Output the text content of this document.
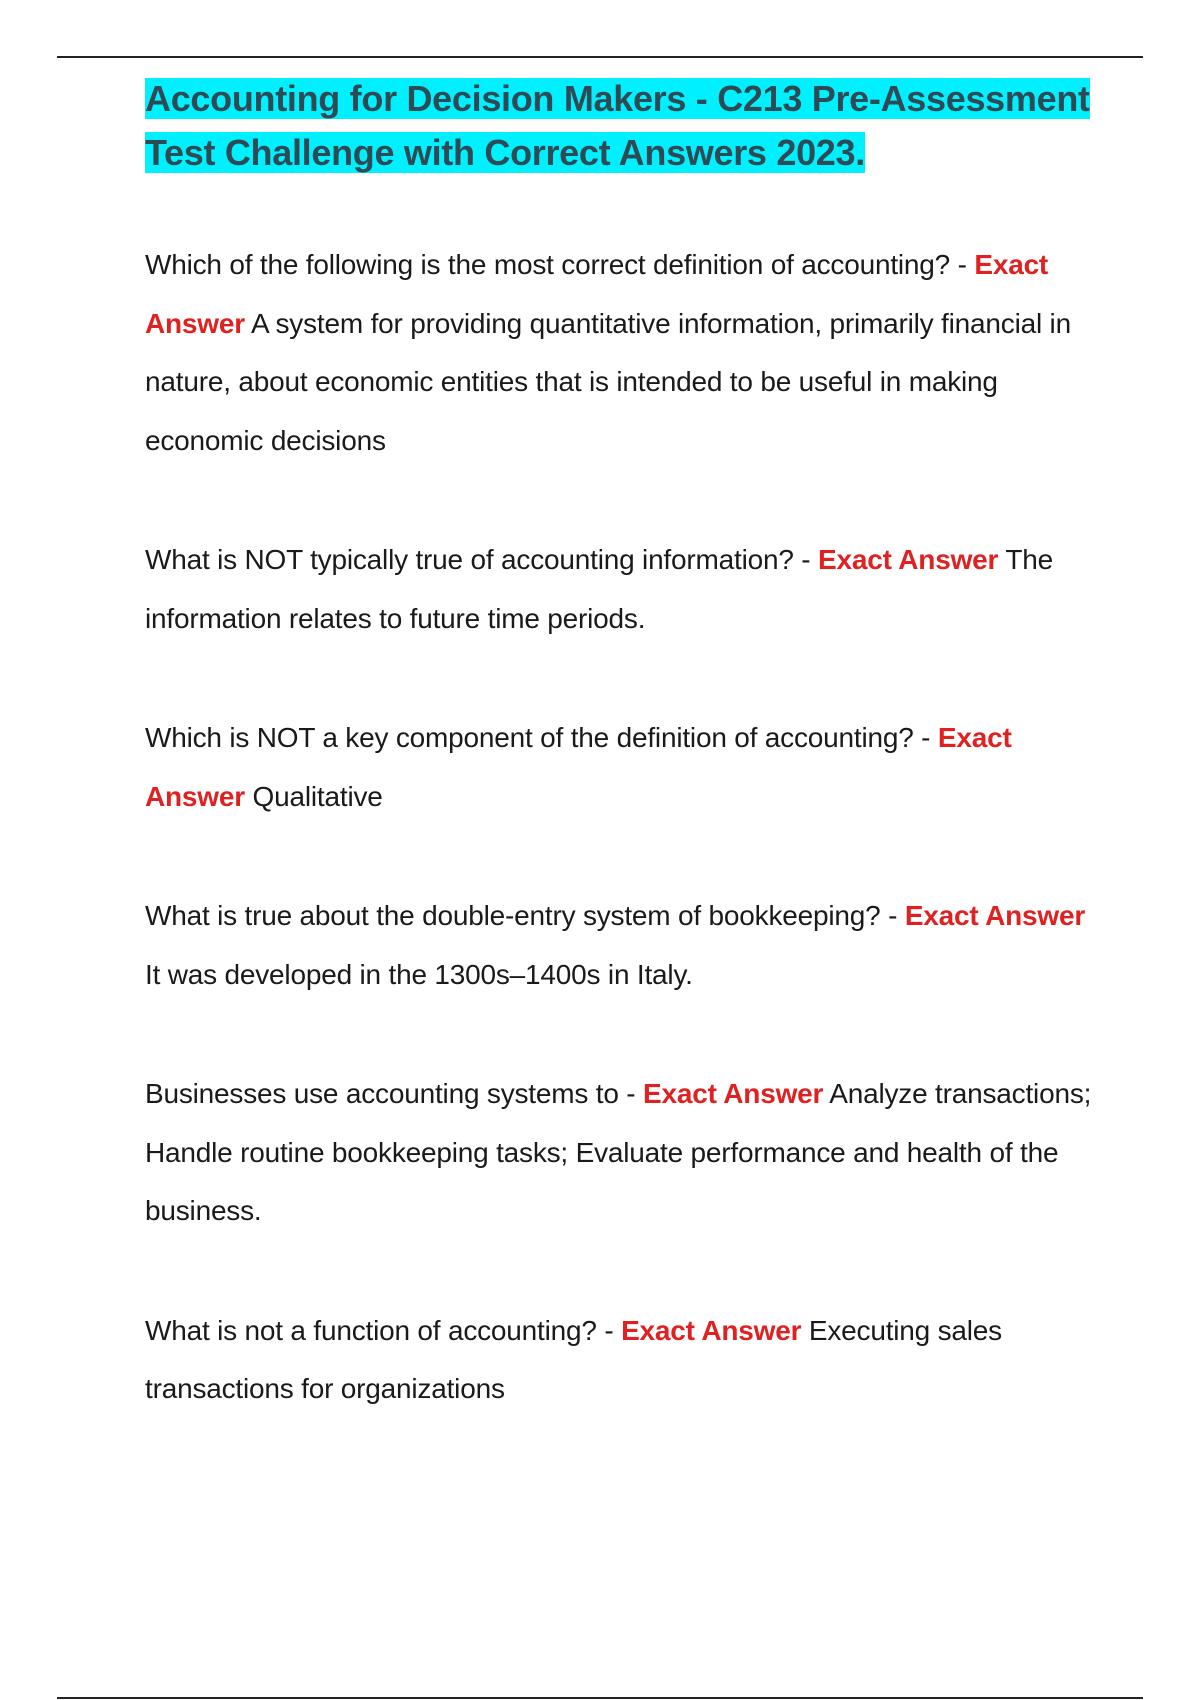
Accounting for Decision Makers - C213 Pre-Assessment Test Challenge with Correct Answers 2023.

Which of the following is the most correct definition of accounting? - Exact Answer A system for providing quantitative information, primarily financial in nature, about economic entities that is intended to be useful in making economic decisions

What is NOT typically true of accounting information? - Exact Answer The information relates to future time periods.

Which is NOT a key component of the definition of accounting? - Exact Answer Qualitative

What is true about the double-entry system of bookkeeping? - Exact Answer It was developed in the 1300s–1400s in Italy.

Businesses use accounting systems to - Exact Answer Analyze transactions; Handle routine bookkeeping tasks; Evaluate performance and health of the business.

What is not a function of accounting? - Exact Answer Executing sales transactions for organizations
